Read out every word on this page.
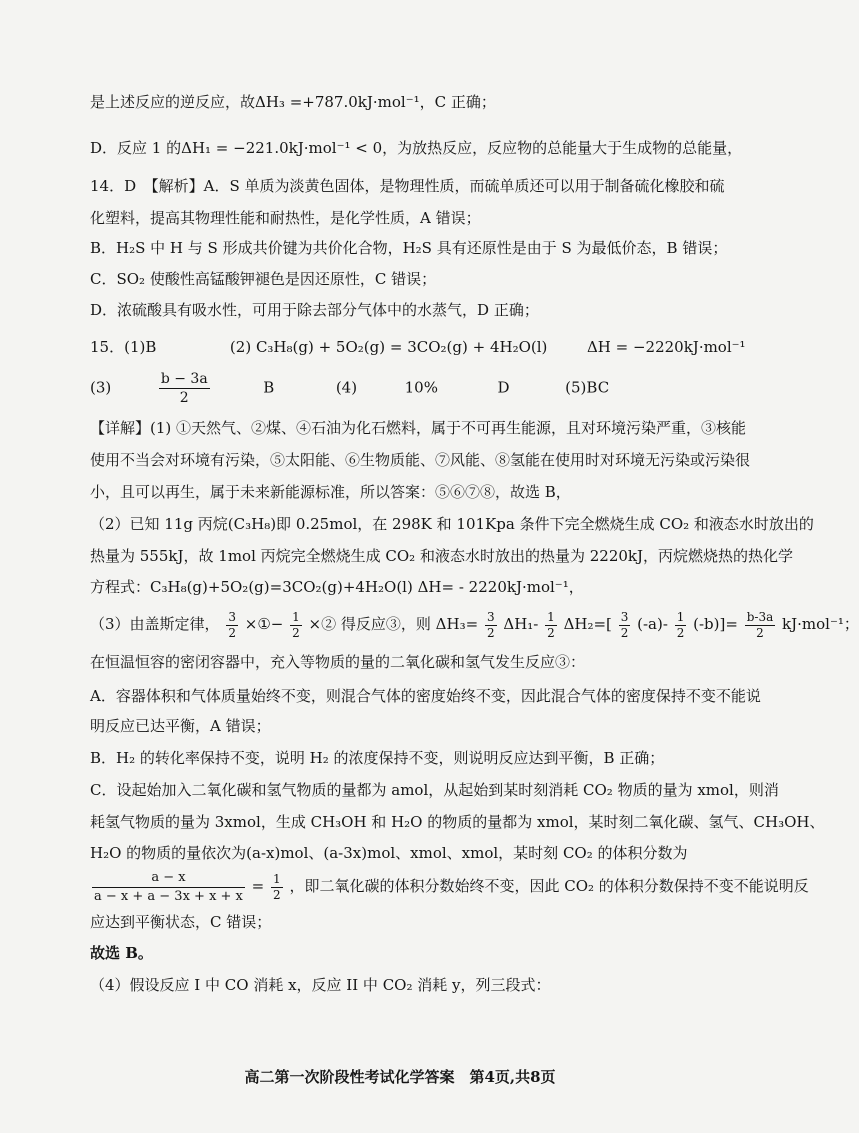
是上述反应的逆反应，故ΔH₃ =+787.0kJ·mol⁻¹，C 正确；
D．反应 1 的ΔH₁ = −221.0kJ·mol⁻¹ < 0，为放热反应，反应物的总能量大于生成物的总能量，
14．D　【解析】A．S 单质为淡黄色固体，是物理性质，而硫单质还可以用于制备硫化橡胶和硫
化塑料，提高其物理性能和耐热性，是化学性质，A 错误；
B．H₂S 中 H 与 S 形成共价键为共价化合物，H₂S 具有还原性是由于 S 为最低价态，B 错误；
C．SO₂ 使酸性高锰酸钾褪色是因还原性，C 错误；
D．浓硫酸具有吸水性，可用于除去部分气体中的水蒸气，D 正确；
15．(1)B	(2) C₃H₈(g) + 5O₂(g) = 3CO₂(g) + 4H₂O(l)	ΔH = −2220kJ·mol⁻¹
(3)	$\frac{b - 3a}{2}$	B	(4)	10%	D	(5)BC
【详解】(1) ①天然气、②煤、④石油为化石燃料，属于不可再生能源，且对环境污染严重，③核能
使用不当会对环境有污染，⑤太阳能、⑥生物质能、⑦风能、⑧氢能在使用时对环境无污染或污染很
小，且可以再生，属于未来新能源标准，所以答案：⑤⑥⑦⑧，故选 B，
（2）已知 11g 丙烷(C₃H₈)即 0.25mol，在 298K 和 101Kpa 条件下完全燃烧生成 CO₂ 和液态水时放出的
热量为 555kJ，故 1mol 丙烷完全燃烧生成 CO₂ 和液态水时放出的热量为 2220kJ，丙烷燃烧热的热化学
方程式：C₃H₈(g)+5O₂(g)=3CO₂(g)+4H₂O(l) ΔH= - 2220kJ·mol⁻¹，
（3）由盖斯定律， $\frac{3}{2}$ ×①− $\frac{1}{2}$ ×② 得反应③，则 $\Delta H_3= \frac{3}{2} \Delta H_1- \frac{1}{2} \Delta H_2=[ \frac{3}{2} (-a)- \frac{1}{2} (-b)]= \frac{b-3a}{2} kJ\cdot mol^{-1}$；
在恒温恒容的密闭容器中，充入等物质的量的二氧化碳和氢气发生反应③：
A．容器体积和气体质量始终不变，则混合气体的密度始终不变，因此混合气体的密度保持不变不能说
明反应已达平衡，A 错误；
B．H₂ 的转化率保持不变，说明 H₂ 的浓度保持不变，则说明反应达到平衡，B 正确；
C．设起始加入二氧化碳和氢气物质的量都为 amol，从起始到某时刻消耗 CO₂ 物质的量为 xmol，则消
耗氢气物质的量为 3xmol，生成 CH₃OH 和 H₂O 的物质的量都为 xmol，某时刻二氧化碳、氢气、CH₃OH、
H₂O 的物质的量依次为(a-x)mol、(a-3x)mol、xmol、xmol，某时刻 CO₂ 的体积分数为
$\frac{a - x}{a - x + a - 3x + x + x} = \frac{1}{2}$ ，即二氧化碳的体积分数始终不变，因此 CO₂ 的体积分数保持不变不能说明反
应达到平衡状态，C 错误；
故选 B。
（4）假设反应 I 中 CO 消耗 x，反应 II 中 CO₂ 消耗 y，列三段式：
高二第一次阶段性考试化学答案　第4页,共8页
